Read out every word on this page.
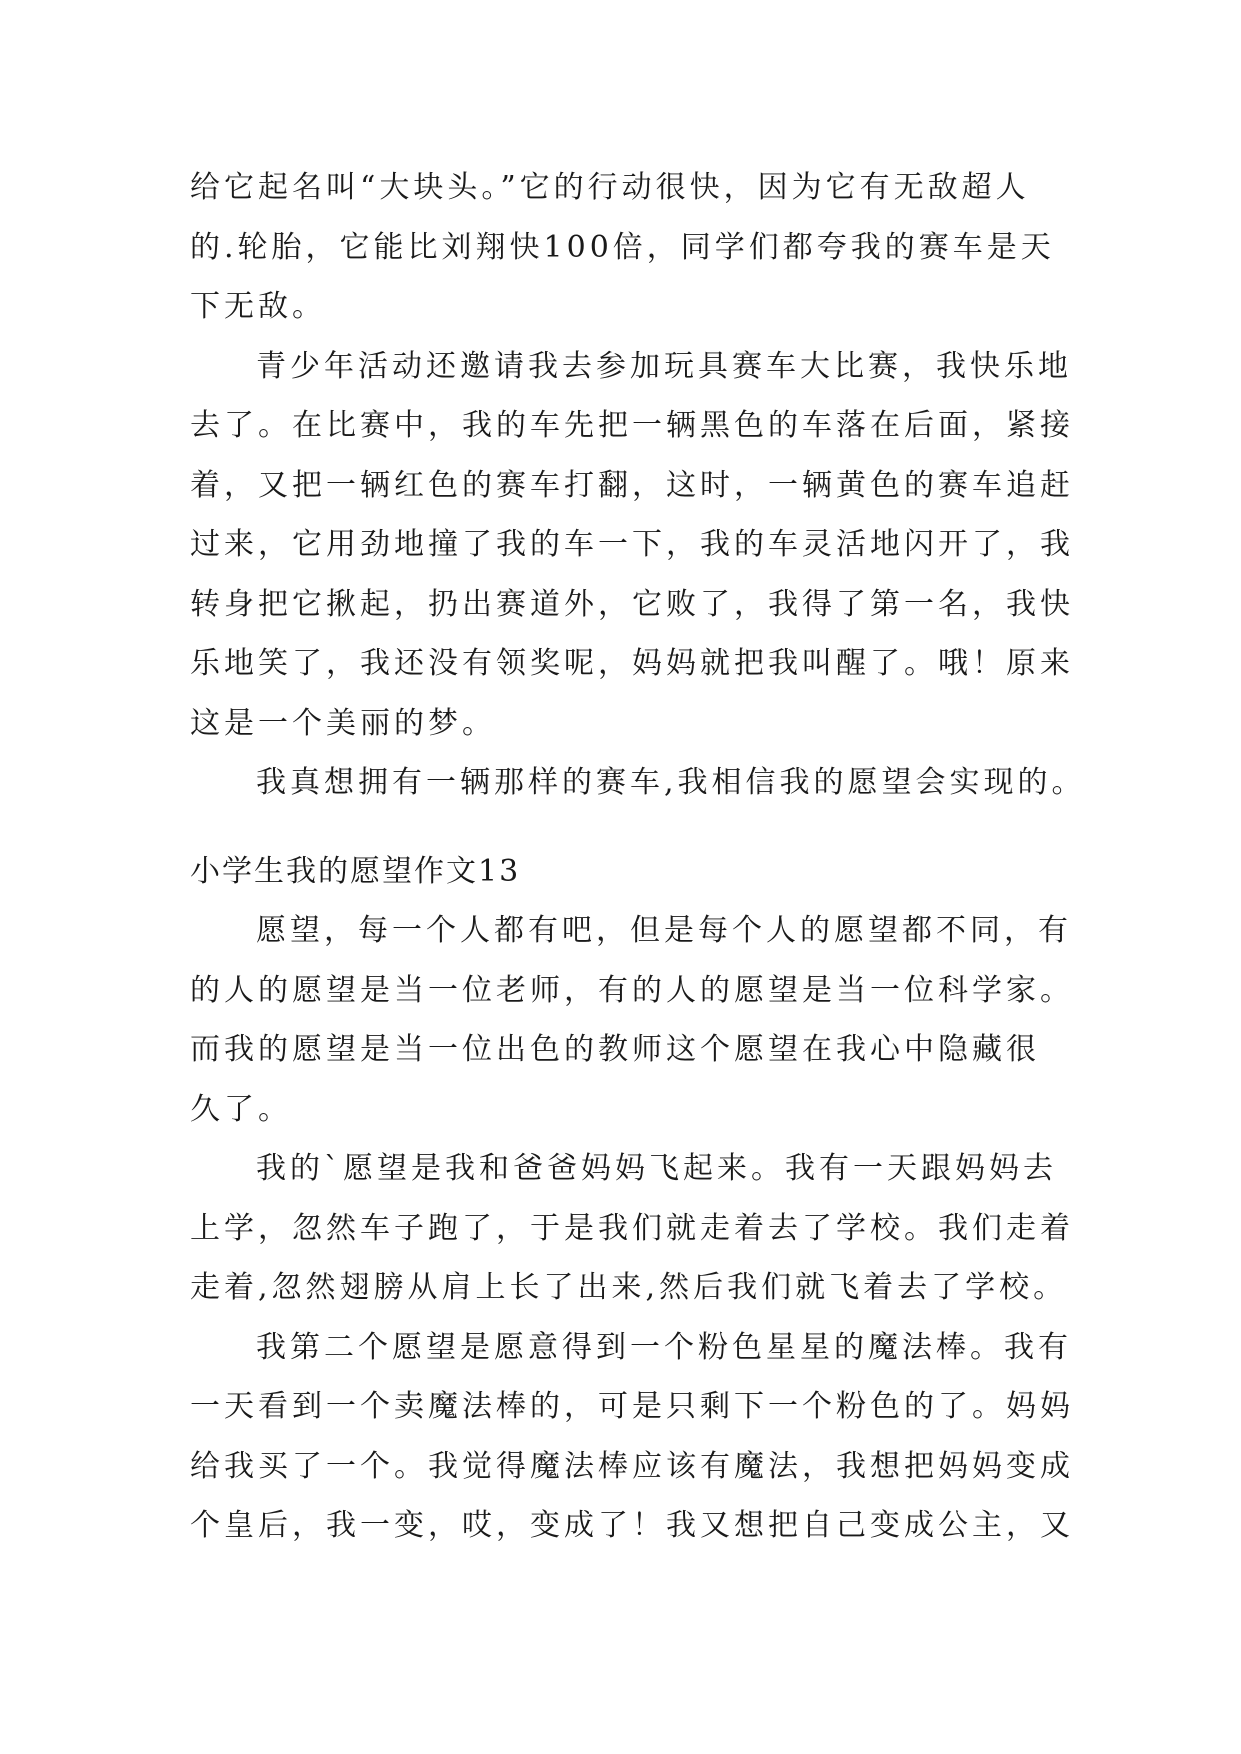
给它起名叫“大块头。”它的行动很快，因为它有无敌超人
的.轮胎，它能比刘翔快100倍，同学们都夸我的赛车是天
下无敌。
青少年活动还邀请我去参加玩具赛车大比赛，我快乐地
去了。在比赛中，我的车先把一辆黑色的车落在后面，紧接
着，又把一辆红色的赛车打翻，这时，一辆黄色的赛车追赶
过来，它用劲地撞了我的车一下，我的车灵活地闪开了，我
转身把它揪起，扔出赛道外，它败了，我得了第一名，我快
乐地笑了，我还没有领奖呢，妈妈就把我叫醒了。哦！原来
这是一个美丽的梦。
我真想拥有一辆那样的赛车,我相信我的愿望会实现的。
小学生我的愿望作文13
愿望，每一个人都有吧，但是每个人的愿望都不同，有
的人的愿望是当一位老师，有的人的愿望是当一位科学家。
而我的愿望是当一位出色的教师这个愿望在我心中隐藏很
久了。
我的`愿望是我和爸爸妈妈飞起来。我有一天跟妈妈去
上学，忽然车子跑了，于是我们就走着去了学校。我们走着
走着,忽然翅膀从肩上长了出来,然后我们就飞着去了学校。
我第二个愿望是愿意得到一个粉色星星的魔法棒。我有
一天看到一个卖魔法棒的，可是只剩下一个粉色的了。妈妈
给我买了一个。我觉得魔法棒应该有魔法，我想把妈妈变成
个皇后，我一变，哎，变成了！我又想把自己变成公主，又
